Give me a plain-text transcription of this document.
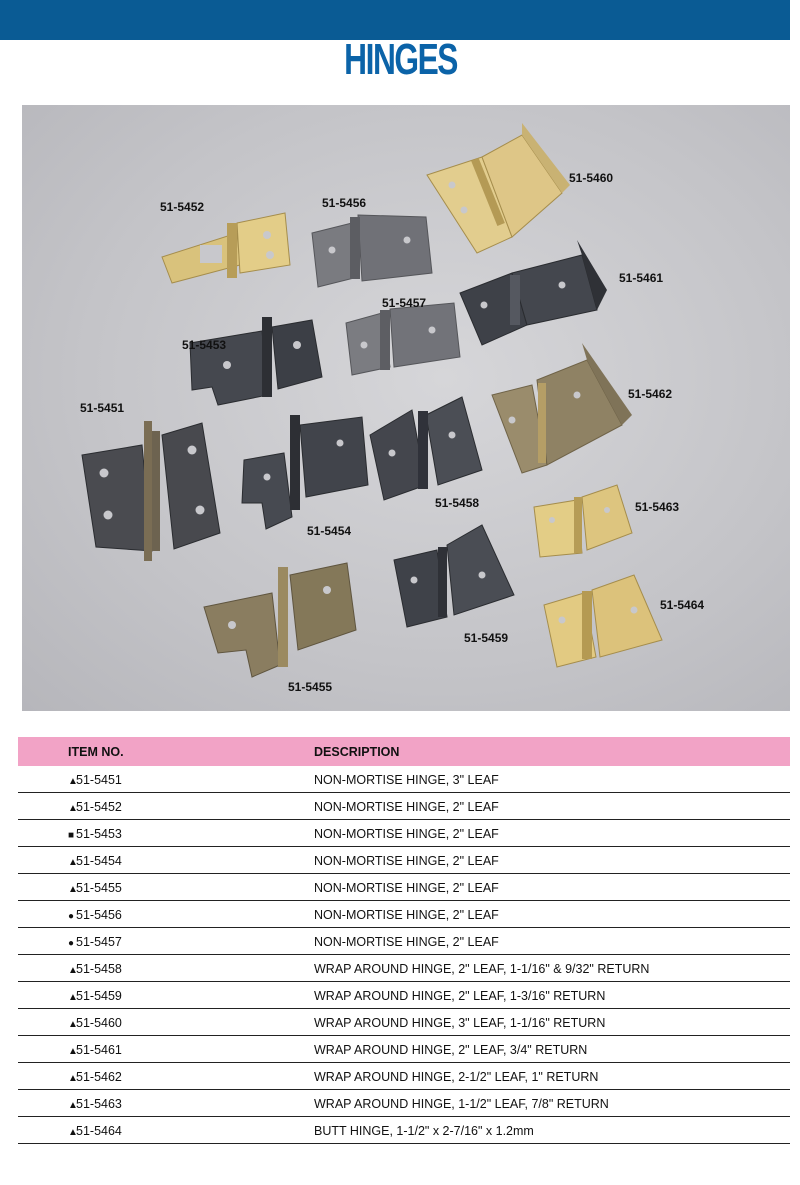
HINGES
51-5452	51-5456
51-5460
51-5461
51-5457
51-5453
51-5451
51-5462
51-5458	51-5463
51-5454
51-5459
51-5464
51-5455
ITEM NO.	DESCRIPTION
▲51-5451	NON-MORTISE HINGE, 3" LEAF
▲51-5452	NON-MORTISE HINGE, 2" LEAF
■ 51-5453	NON-MORTISE HINGE, 2" LEAF
▲51-5454	NON-MORTISE HINGE, 2" LEAF
▲51-5455	NON-MORTISE HINGE, 2" LEAF
● 51-5456	NON-MORTISE HINGE, 2" LEAF
● 51-5457	NON-MORTISE HINGE, 2" LEAF
▲51-5458	WRAP AROUND HINGE, 2" LEAF, 1-1/16" & 9/32" RETURN
▲51-5459	WRAP AROUND HINGE, 2" LEAF, 1-3/16" RETURN
▲51-5460	WRAP AROUND HINGE, 3" LEAF, 1-1/16" RETURN
▲51-5461	WRAP AROUND HINGE, 2" LEAF, 3/4" RETURN
▲51-5462	WRAP AROUND HINGE, 2-1/2" LEAF, 1" RETURN
▲51-5463	WRAP AROUND HINGE, 1-1/2" LEAF, 7/8" RETURN
▲51-5464	BUTT HINGE, 1-1/2" x 2-7/16" x 1.2mm
